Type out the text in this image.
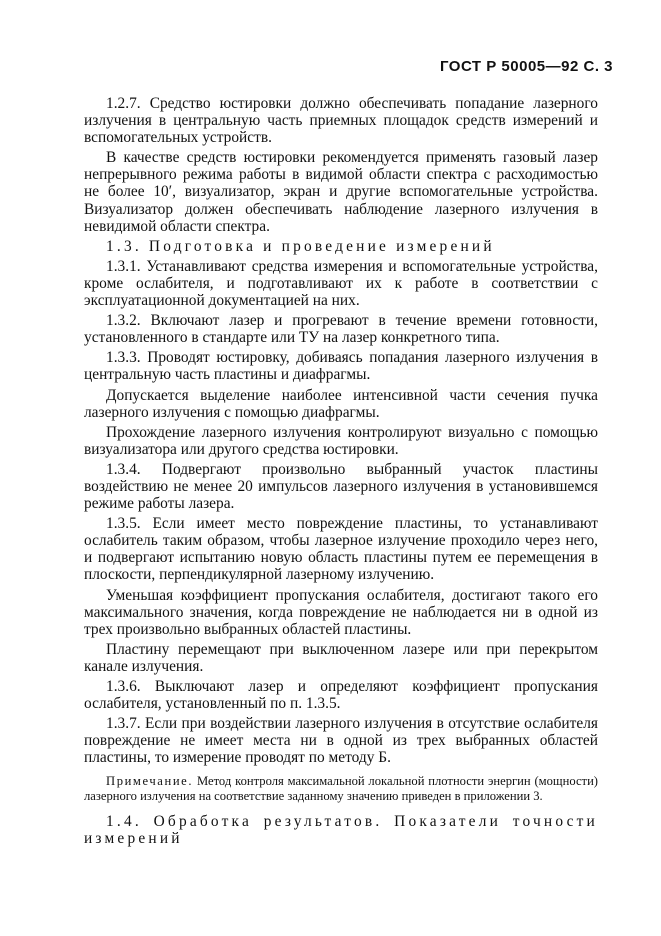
ГОСТ Р 50005—92 С. 3

1.2.7. Средство юстировки должно обеспечивать попадание лазерного излучения в центральную часть приемных площадок средств измерений и вспомогательных устройств.

В качестве средств юстировки рекомендуется применять газовый лазер непрерывного режима работы в видимой области спектра с расходимостью не более 10′, визуализатор, экран и другие вспомогательные устройства. Визуализатор должен обеспечивать наблюдение лазерного излучения в невидимой области спектра.

1.3. Подготовка и проведение измерений

1.3.1. Устанавливают средства измерения и вспомогательные устройства, кроме ослабителя, и подготавливают их к работе в соответствии с эксплуатационной документацией на них.

1.3.2. Включают лазер и прогревают в течение времени готовности, установленного в стандарте или ТУ на лазер конкретного типа.

1.3.3. Проводят юстировку, добиваясь попадания лазерного излучения в центральную часть пластины и диафрагмы.

Допускается выделение наиболее интенсивной части сечения пучка лазерного излучения с помощью диафрагмы.

Прохождение лазерного излучения контролируют визуально с помощью визуализатора или другого средства юстировки.

1.3.4. Подвергают произвольно выбранный участок пластины воздействию не менее 20 импульсов лазерного излучения в установившемся режиме работы лазера.

1.3.5. Если имеет место повреждение пластины, то устанавливают ослабитель таким образом, чтобы лазерное излучение проходило через него, и подвергают испытанию новую область пластины путем ее перемещения в плоскости, перпендикулярной лазерному излучению.

Уменьшая коэффициент пропускания ослабителя, достигают такого его максимального значения, когда повреждение не наблюдается ни в одной из трех произвольно выбранных областей пластины.

Пластину перемещают при выключенном лазере или при перекрытом канале излучения.

1.3.6. Выключают лазер и определяют коэффициент пропускания ослабителя, установленный по п. 1.3.5.

1.3.7. Если при воздействии лазерного излучения в отсутствие ослабителя повреждение не имеет места ни в одной из трех выбранных областей пластины, то измерение проводят по методу Б.

Примечание. Метод контроля максимальной локальной плотности энергин (мощности) лазерного излучения на соответствие заданному значению приведен в приложении 3.

1.4. Обработка результатов. Показатели точности измерений
